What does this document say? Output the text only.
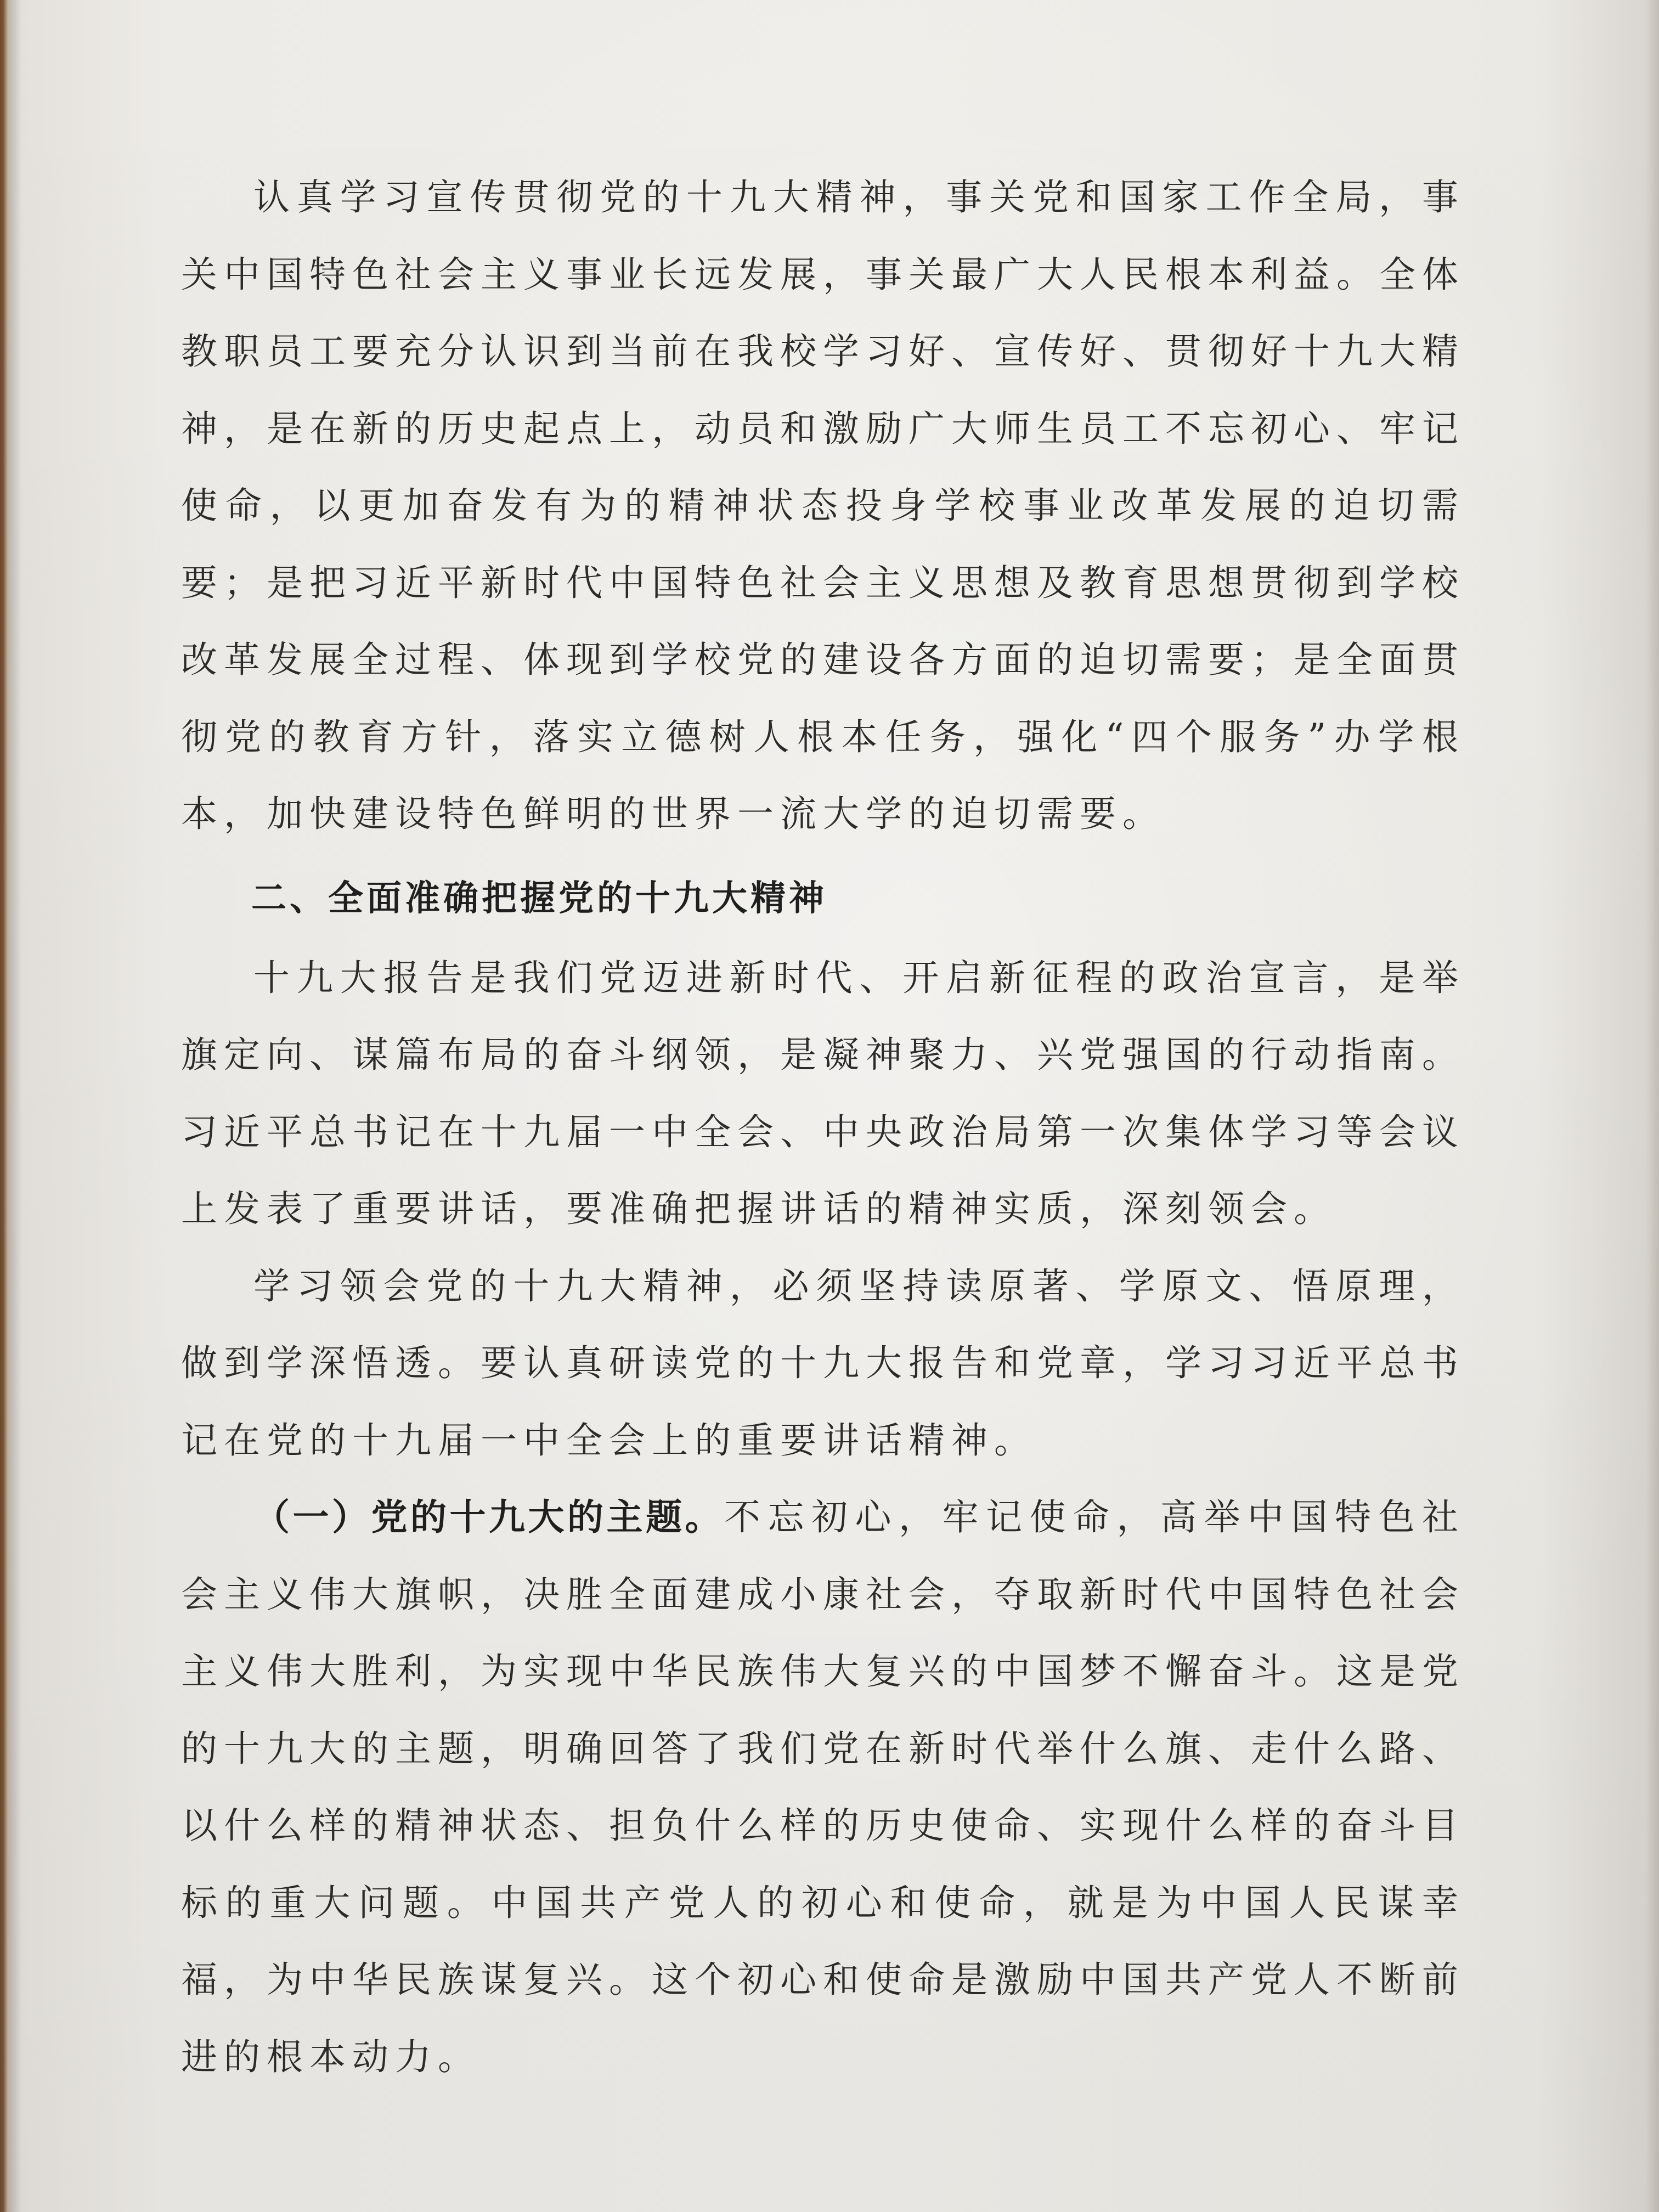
认真学习宣传贯彻党的十九大精神，事关党和国家工作全局，事关中国特色社会主义事业长远发展，事关最广大人民根本利益。全体教职员工要充分认识到当前在我校学习好、宣传好、贯彻好十九大精神，是在新的历史起点上，动员和激励广大师生员工不忘初心、牢记使命，以更加奋发有为的精神状态投身学校事业改革发展的迫切需要；是把习近平新时代中国特色社会主义思想及教育思想贯彻到学校改革发展全过程、体现到学校党的建设各方面的迫切需要；是全面贯彻党的教育方针，落实立德树人根本任务，强化“四个服务”办学根本，加快建设特色鲜明的世界一流大学的迫切需要。

二、全面准确把握党的十九大精神

十九大报告是我们党迈进新时代、开启新征程的政治宣言，是举旗定向、谋篇布局的奋斗纲领，是凝神聚力、兴党强国的行动指南。习近平总书记在十九届一中全会、中央政治局第一次集体学习等会议上发表了重要讲话，要准确把握讲话的精神实质，深刻领会。

学习领会党的十九大精神，必须坚持读原著、学原文、悟原理，做到学深悟透。要认真研读党的十九大报告和党章，学习习近平总书记在党的十九届一中全会上的重要讲话精神。

（一）党的十九大的主题。不忘初心，牢记使命，高举中国特色社会主义伟大旗帜，决胜全面建成小康社会，夺取新时代中国特色社会主义伟大胜利，为实现中华民族伟大复兴的中国梦不懈奋斗。这是党的十九大的主题，明确回答了我们党在新时代举什么旗、走什么路、以什么样的精神状态、担负什么样的历史使命、实现什么样的奋斗目标的重大问题。中国共产党人的初心和使命，就是为中国人民谋幸福，为中华民族谋复兴。这个初心和使命是激励中国共产党人不断前进的根本动力。
